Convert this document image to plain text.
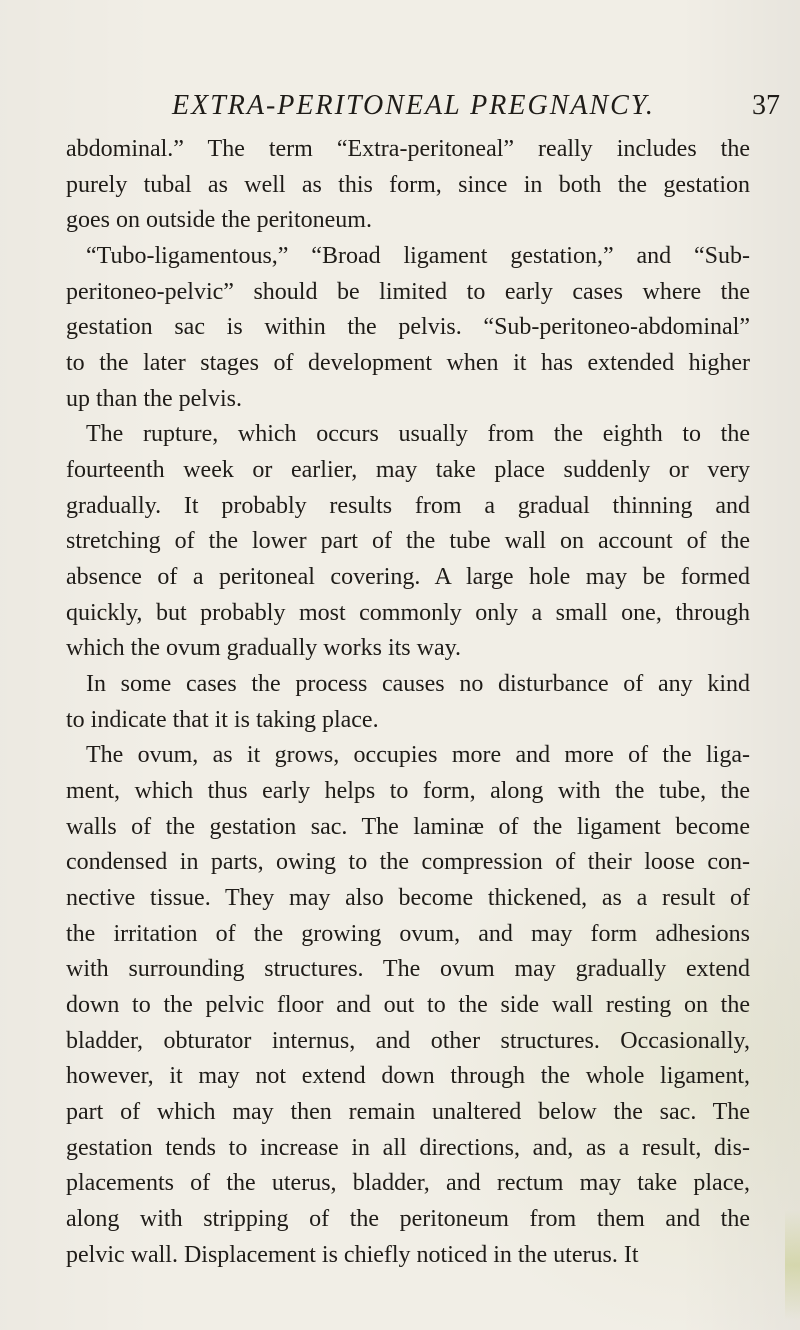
EXTRA-PERITONEAL PREGNANCY.	37
abdominal.” The term “Extra-peritoneal” really includes the
purely tubal as well as this form, since in both the gestation
goes on outside the peritoneum.
“Tubo-ligamentous,” “Broad ligament gestation,” and “Sub-
peritoneo-pelvic” should be limited to early cases where the
gestation sac is within the pelvis. “Sub-peritoneo-abdominal”
to the later stages of development when it has extended higher
up than the pelvis.
The rupture, which occurs usually from the eighth to the
fourteenth week or earlier, may take place suddenly or very
gradually. It probably results from a gradual thinning and
stretching of the lower part of the tube wall on account of the
absence of a peritoneal covering. A large hole may be formed
quickly, but probably most commonly only a small one, through
which the ovum gradually works its way.
In some cases the process causes no disturbance of any kind
to indicate that it is taking place.
The ovum, as it grows, occupies more and more of the liga-
ment, which thus early helps to form, along with the tube, the
walls of the gestation sac. The laminæ of the ligament become
condensed in parts, owing to the compression of their loose con-
nective tissue. They may also become thickened, as a result of
the irritation of the growing ovum, and may form adhesions
with surrounding structures. The ovum may gradually extend
down to the pelvic floor and out to the side wall resting on the
bladder, obturator internus, and other structures. Occasionally,
however, it may not extend down through the whole ligament,
part of which may then remain unaltered below the sac. The
gestation tends to increase in all directions, and, as a result, dis-
placements of the uterus, bladder, and rectum may take place,
along with stripping of the peritoneum from them and the
pelvic wall. Displacement is chiefly noticed in the uterus. It
